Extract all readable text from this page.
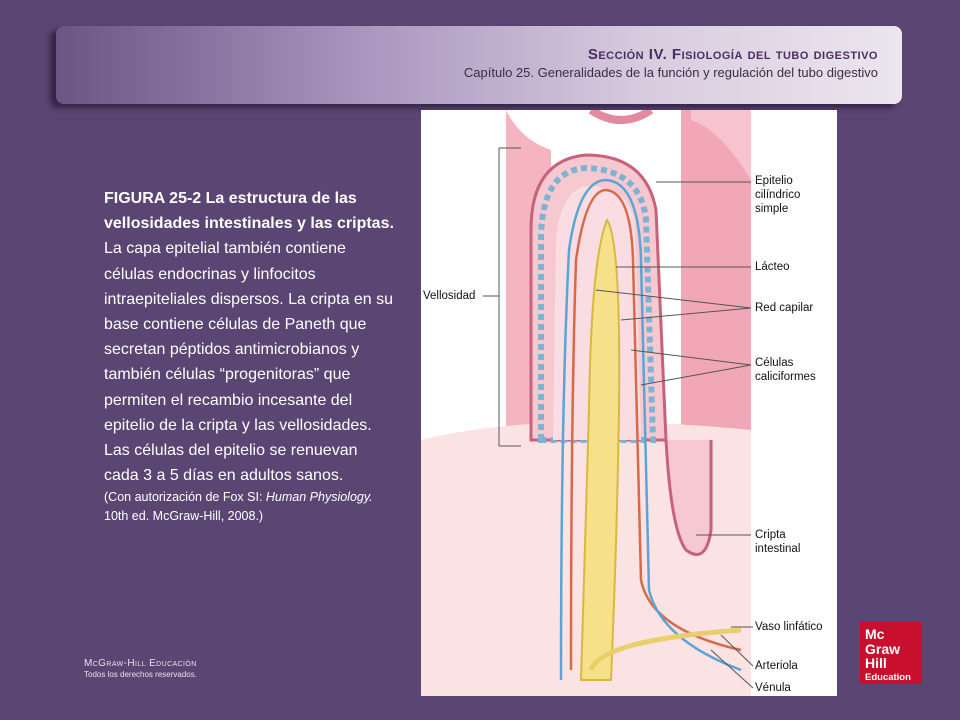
Sección IV. Fisiología del tubo digestivo
Capítulo 25. Generalidades de la función y regulación del tubo digestivo
FIGURA 25-2 La estructura de las vellosidades intestinales y las criptas. La capa epitelial también contiene células endocrinas y linfocitos intraepiteliales dispersos. La cripta en su base contiene células de Paneth que secretan péptidos antimicrobianos y también células “progenitoras” que permiten el recambio incesante del epitelio de la cripta y las vellosidades. Las células del epitelio se renuevan cada 3 a 5 días en adultos sanos.
(Con autorización de Fox SI: Human Physiology. 10th ed. McGraw-Hill, 2008.)
Vellosidad
Epitelio cilíndrico simple
Lácteo
Red capilar
Células caliciformes
Cripta intestinal
Vaso linfático
Arteriola
Vénula
McGraw-Hill Educación
Todos los derechos reservados.
Mc
Graw
Hill
Education
